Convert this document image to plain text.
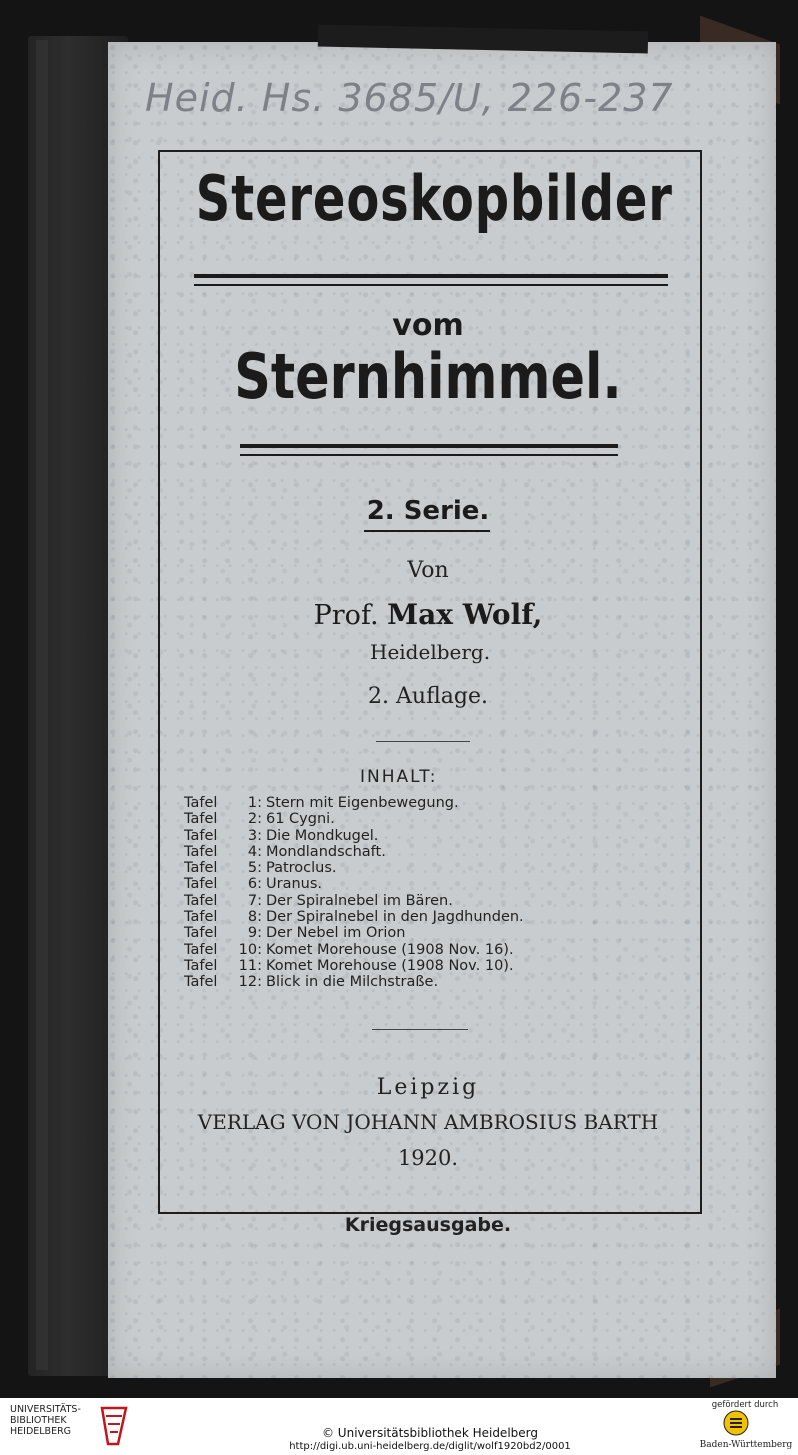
Heid. Hs. 3685/U, 226-237
Stereoskopbilder
vom
Sternhimmel.
2. Serie.
Von
Prof. Max Wolf,
Heidelberg.
2. Auflage.
INHALT:
Tafel	1: Stern mit Eigenbewegung.
Tafel	2: 61 Cygni.
Tafel	3: Die Mondkugel.
Tafel	4: Mondlandschaft.
Tafel	5: Patroclus.
Tafel	6: Uranus.
Tafel	7: Der Spiralnebel im Bären.
Tafel	8: Der Spiralnebel in den Jagdhunden.
Tafel	9: Der Nebel im Orion
Tafel	10: Komet Morehouse (1908 Nov. 16).
Tafel	11: Komet Morehouse (1908 Nov. 10).
Tafel	12: Blick in die Milchstraße.
Leipzig
VERLAG VON JOHANN AMBROSIUS BARTH
1920.
Kriegsausgabe.
UNIVERSITÄTS-
BIBLIOTHEK
HEIDELBERG	© Universitätsbibliothek Heidelberg
http://digi.ub.uni-heidelberg.de/diglit/wolf1920bd2/0001
gefördert durch
Baden-Württemberg
